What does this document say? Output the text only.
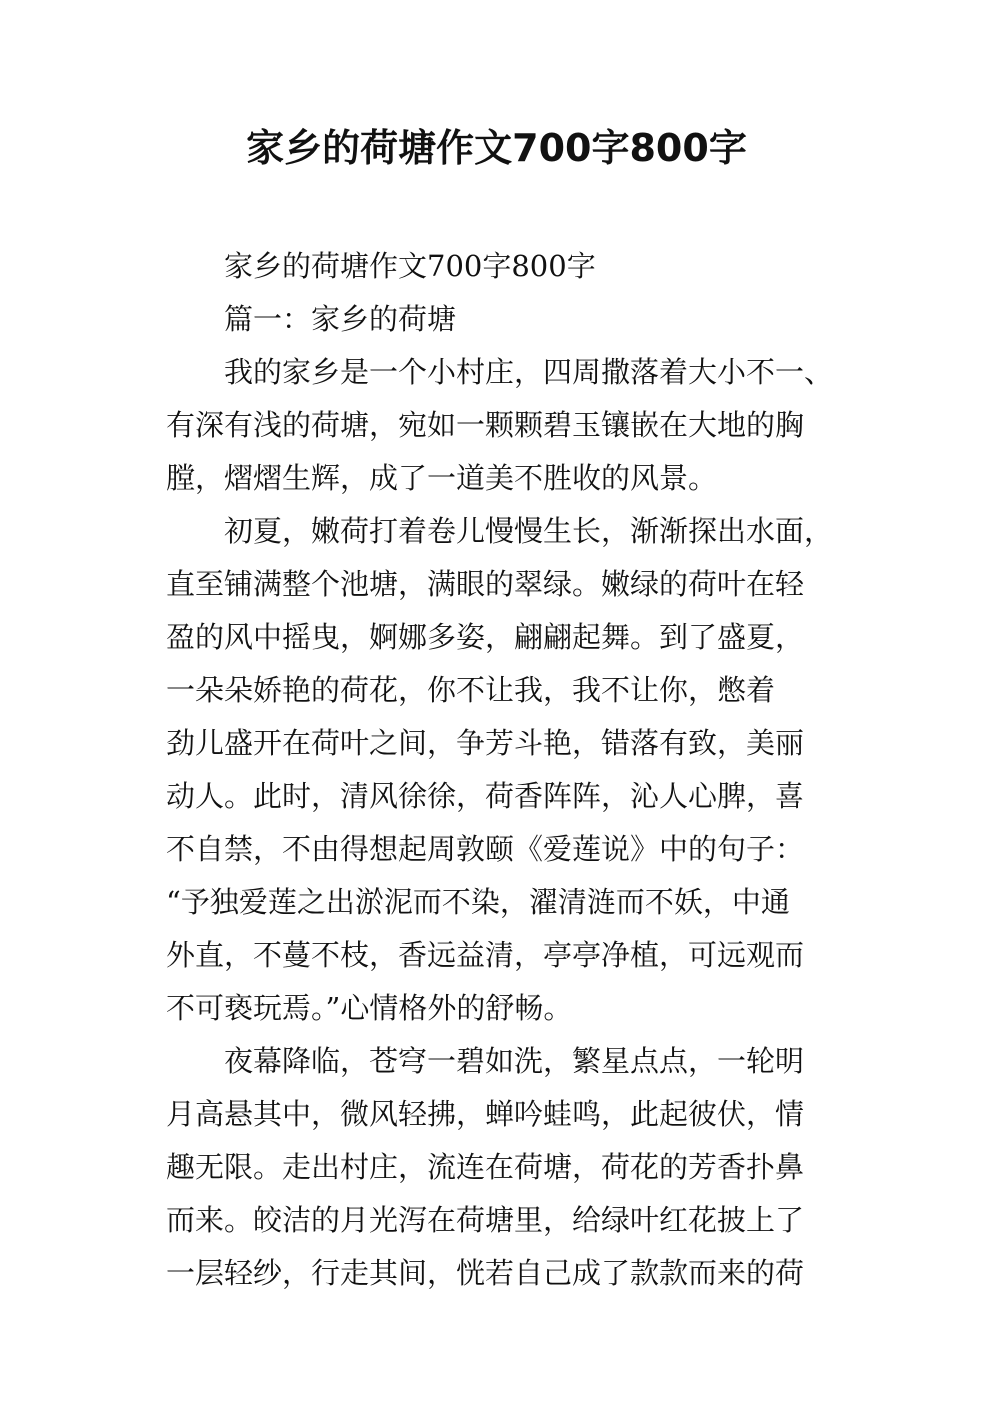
家乡的荷塘作文700字800字

家乡的荷塘作文700字800字

篇一：家乡的荷塘

我的家乡是一个小村庄，四周撒落着大小不一、
有深有浅的荷塘，宛如一颗颗碧玉镶嵌在大地的胸
膛，熠熠生辉，成了一道美不胜收的风景。

初夏，嫩荷打着卷儿慢慢生长，渐渐探出水面，
直至铺满整个池塘，满眼的翠绿。嫩绿的荷叶在轻
盈的风中摇曳，婀娜多姿，翩翩起舞。到了盛夏，
一朵朵娇艳的荷花，你不让我，我不让你，憋着
劲儿盛开在荷叶之间，争芳斗艳，错落有致，美丽
动人。此时，清风徐徐，荷香阵阵，沁人心脾，喜
不自禁，不由得想起周敦颐《爱莲说》中的句子：
“予独爱莲之出淤泥而不染，濯清涟而不妖，中通
外直，不蔓不枝，香远益清，亭亭净植，可远观而
不可亵玩焉。”心情格外的舒畅。

夜幕降临，苍穹一碧如洗，繁星点点，一轮明
月高悬其中，微风轻拂，蝉吟蛙鸣，此起彼伏，情
趣无限。走出村庄，流连在荷塘，荷花的芳香扑鼻
而来。皎洁的月光泻在荷塘里，给绿叶红花披上了
一层轻纱，行走其间，恍若自己成了款款而来的荷
